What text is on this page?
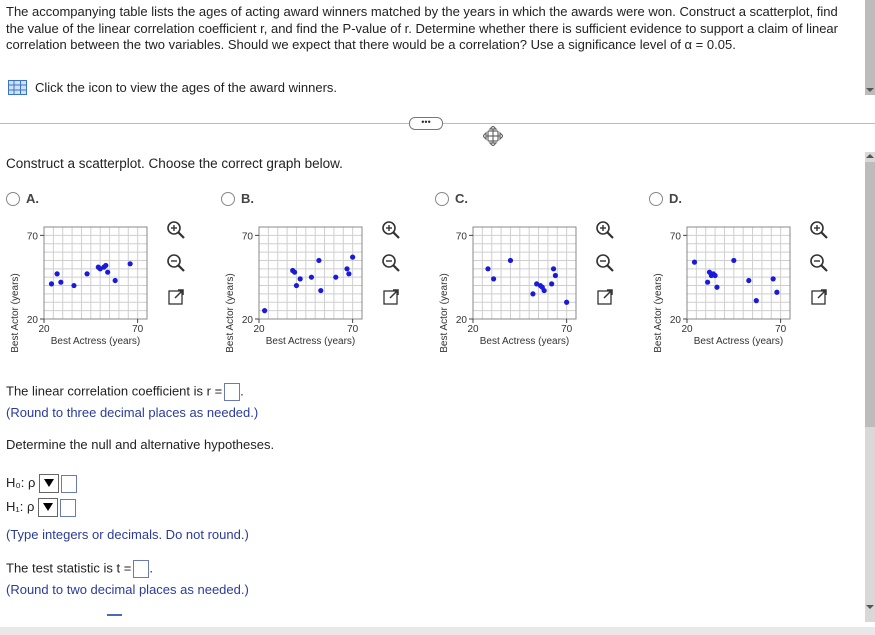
The accompanying table lists the ages of acting award winners matched by the years in which the awards were won. Construct a scatterplot, find the value of the linear correlation coefficient r, and find the P-value of r. Determine whether there is sufficient evidence to support a claim of linear correlation between the two variables. Should we expect that there would be a correlation? Use a significance level of α = 0.05.
Click the icon to view the ages of the award winners.
•••
Construct a scatterplot. Choose the correct graph below.
A.
70
20
20	70
Best Actress (years)
Best Actor (years)
B.
70
20
20	70
Best Actress (years)
Best Actor (years)
C.
70
20
20	70
Best Actress (years)
Best Actor (years)
D.
70
20
20	70
Best Actress (years)
Best Actor (years)
The linear correlation coefficient is r = .
(Round to three decimal places as needed.)
Determine the null and alternative hypotheses.
H₀: ρ
H₁: ρ
(Type integers or decimals. Do not round.)
The test statistic is t = .
(Round to two decimal places as needed.)
